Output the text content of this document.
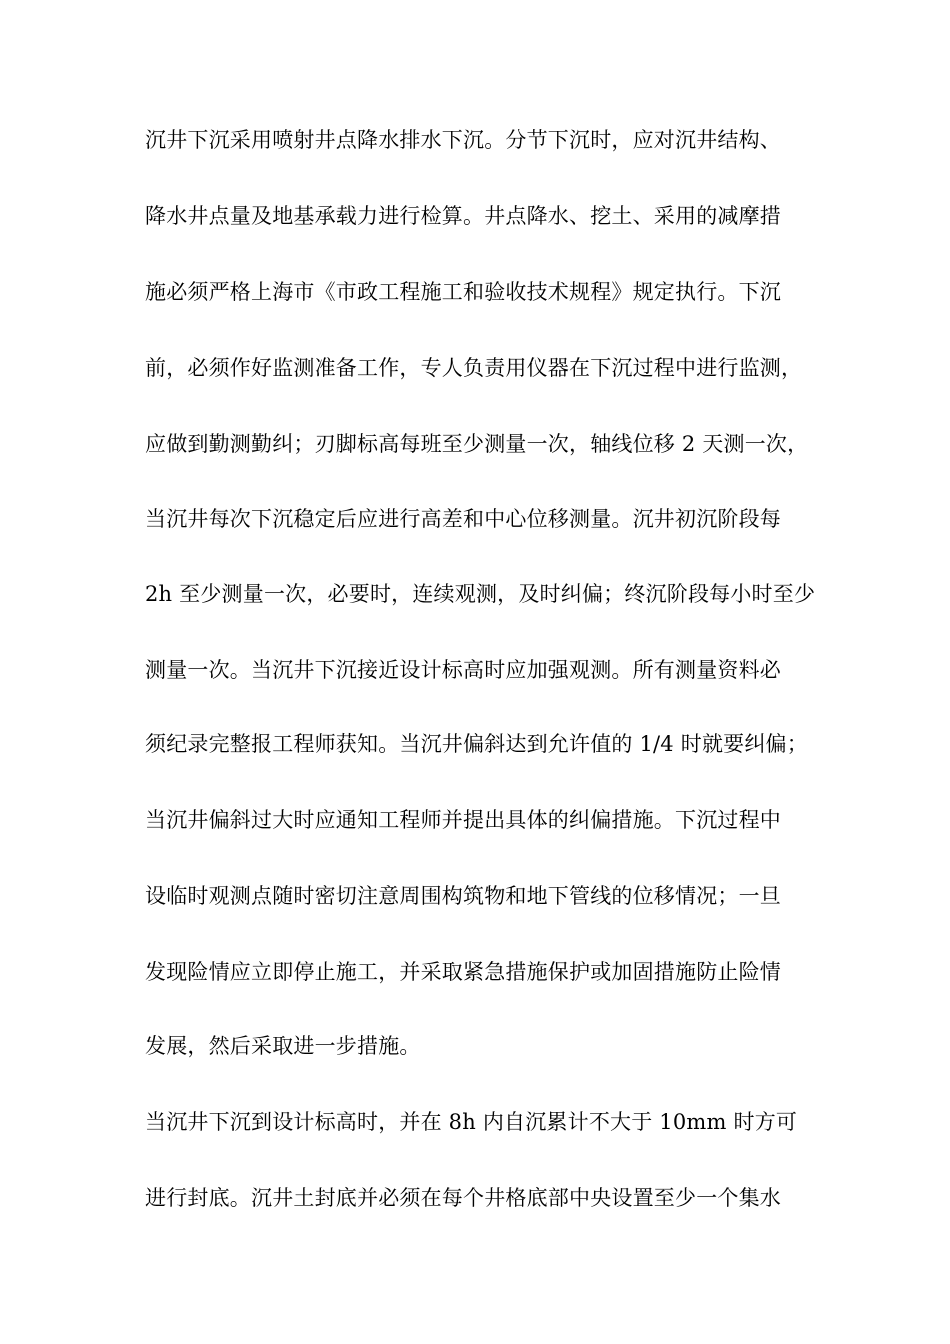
沉井下沉采用喷射井点降水排水下沉。分节下沉时，应对沉井结构、
降水井点量及地基承载力进行检算。井点降水、挖土、采用的减摩措
施必须严格上海市《市政工程施工和验收技术规程》规定执行。下沉
前，必须作好监测准备工作，专人负责用仪器在下沉过程中进行监测，
应做到勤测勤纠；刃脚标高每班至少测量一次，轴线位移 2 天测一次，
当沉井每次下沉稳定后应进行高差和中心位移测量。沉井初沉阶段每
2h 至少测量一次，必要时，连续观测，及时纠偏；终沉阶段每小时至少
测量一次。当沉井下沉接近设计标高时应加强观测。所有测量资料必
须纪录完整报工程师获知。当沉井偏斜达到允许值的 1/4 时就要纠偏；
当沉井偏斜过大时应通知工程师并提出具体的纠偏措施。下沉过程中
设临时观测点随时密切注意周围构筑物和地下管线的位移情况；一旦
发现险情应立即停止施工，并采取紧急措施保护或加固措施防止险情
发展，然后采取进一步措施。
当沉井下沉到设计标高时，并在 8h 内自沉累计不大于 10mm 时方可
进行封底。沉井土封底并必须在每个井格底部中央设置至少一个集水
